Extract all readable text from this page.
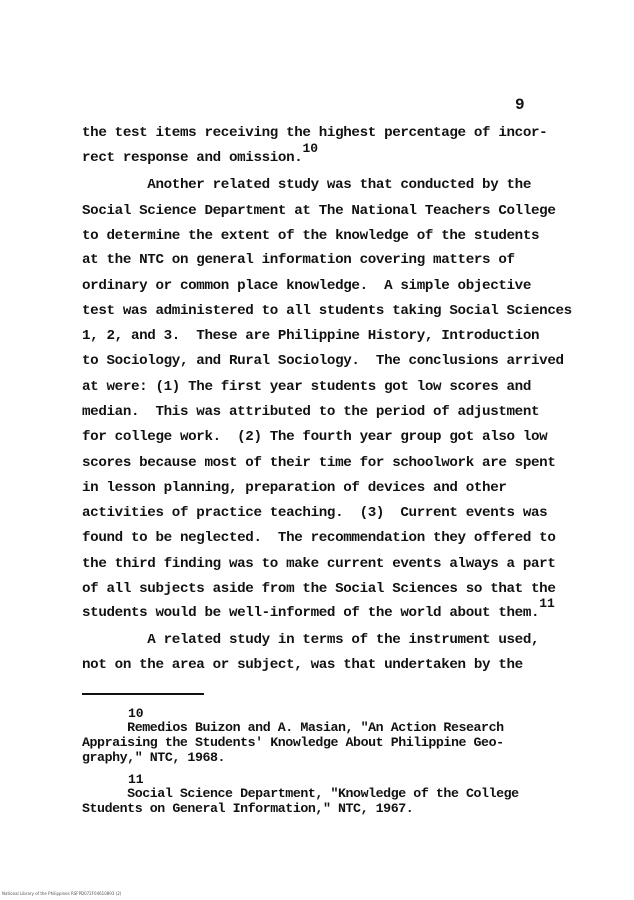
9
the test items receiving the highest percentage of incor-
rect response and omission.10
Another related study was that conducted by the
Social Science Department at The National Teachers College
to determine the extent of the knowledge of the students
at the NTC on general information covering matters of
ordinary or common place knowledge.  A simple objective
test was administered to all students taking Social Sciences
1, 2, and 3.  These are Philippine History, Introduction
to Sociology, and Rural Sociology.  The conclusions arrived
at were: (1) The first year students got low scores and
median.  This was attributed to the period of adjustment
for college work.  (2) The fourth year group got also low
scores because most of their time for schoolwork are spent
in lesson planning, preparation of devices and other
activities of practice teaching.  (3)  Current events was
found to be neglected.  The recommendation they offered to
the third finding was to make current events always a part
of all subjects aside from the Social Sciences so that the
students would be well-informed of the world about them.11
A related study in terms of the instrument used,
not on the area or subject, was that undertaken by the
10
Remedios Buizon and A. Masian, "An Action Research
Appraising the Students' Knowledge About Philippine Geo-
graphy," NTC, 1968.
11
Social Science Department, "Knowledge of the College
Students on General Information," NTC, 1967.
National Library of the Philippines RSFPD072F04610893 (2)
